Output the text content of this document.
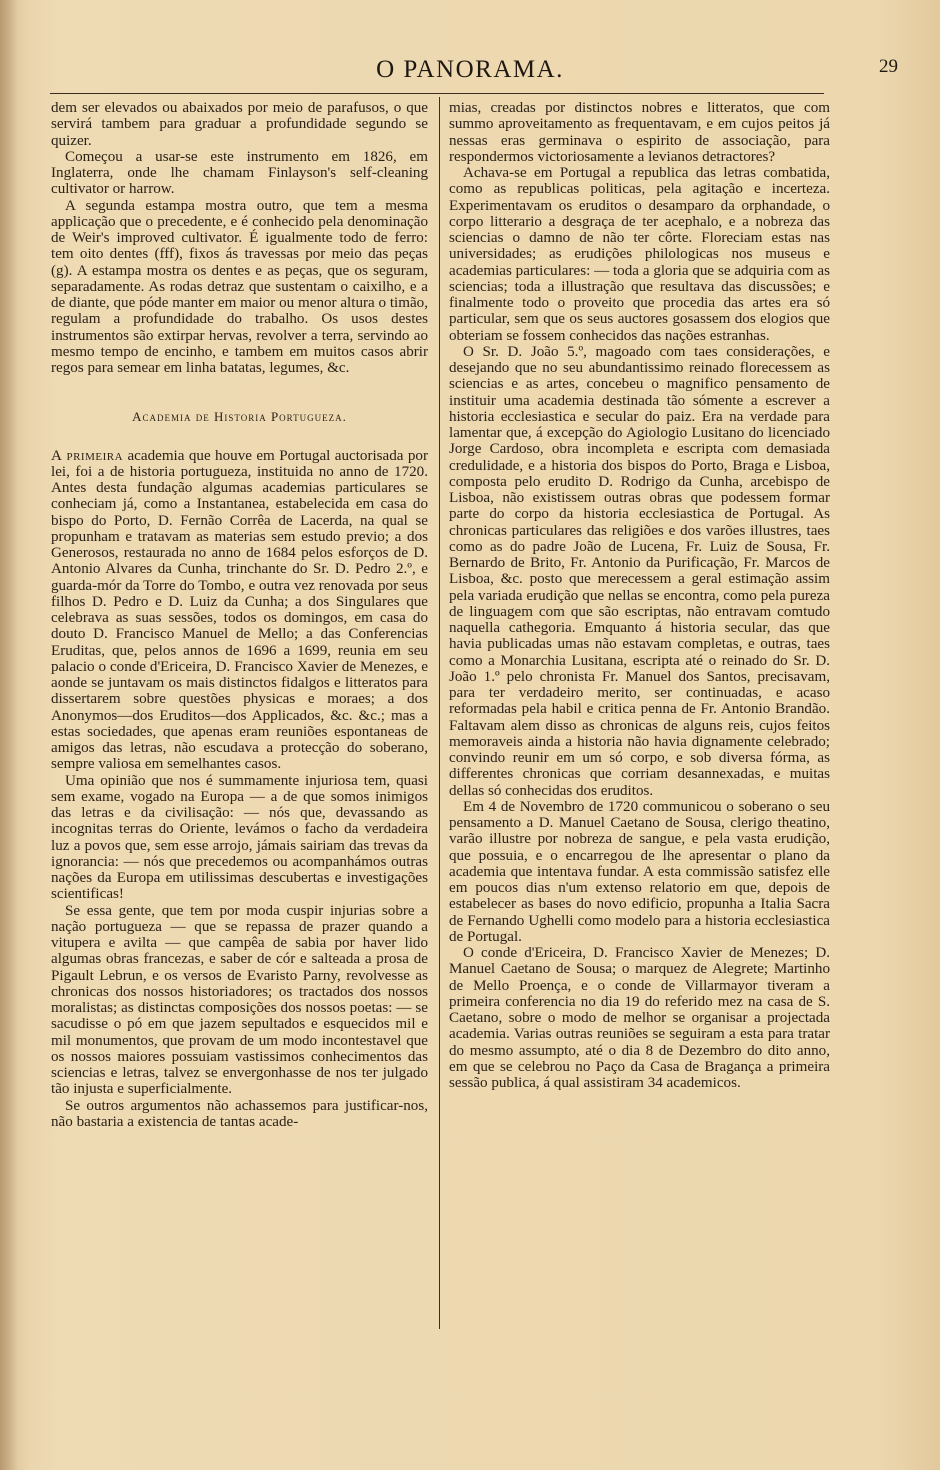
O PANORAMA.	29

dem ser elevados ou abaixados por meio de parafusos, o que servirá tambem para graduar a profundidade segundo se quizer.

Começou a usar-se este instrumento em 1826, em Inglaterra, onde lhe chamam Finlayson's self-cleaning cultivator or harrow.

A segunda estampa mostra outro, que tem a mesma applicação que o precedente, e é conhecido pela denominação de Weir's improved cultivator. É igualmente todo de ferro: tem oito dentes (fff), fixos ás travessas por meio das peças (g). A estampa mostra os dentes e as peças, que os seguram, separadamente. As rodas detraz que sustentam o caixilho, e a de diante, que póde manter em maior ou menor altura o timão, regulam a profundidade do trabalho. Os usos destes instrumentos são extirpar hervas, revolver a terra, servindo ao mesmo tempo de encinho, e tambem em muitos casos abrir regos para semear em linha batatas, legumes, &c.

Academia de Historia Portugueza.

A primeira academia que houve em Portugal auctorisada por lei, foi a de historia portugueza, instituida no anno de 1720. Antes desta fundação algumas academias particulares se conheciam já, como a Instantanea, estabelecida em casa do bispo do Porto, D. Fernão Corrêa de Lacerda, na qual se propunham e tratavam as materias sem estudo previo; a dos Generosos, restaurada no anno de 1684 pelos esforços de D. Antonio Alvares da Cunha, trinchante do Sr. D. Pedro 2.º, e guarda-mór da Torre do Tombo, e outra vez renovada por seus filhos D. Pedro e D. Luiz da Cunha; a dos Singulares que celebrava as suas sessões, todos os domingos, em casa do douto D. Francisco Manuel de Mello; a das Conferencias Eruditas, que, pelos annos de 1696 a 1699, reunia em seu palacio o conde d'Ericeira, D. Francisco Xavier de Menezes, e aonde se juntavam os mais distinctos fidalgos e litteratos para dissertarem sobre questões physicas e moraes; a dos Anonymos—dos Eruditos—dos Applicados, &c. &c.; mas a estas sociedades, que apenas eram reuniões espontaneas de amigos das letras, não escudava a protecção do soberano, sempre valiosa em semelhantes casos.

Uma opinião que nos é summamente injuriosa tem, quasi sem exame, vogado na Europa — a de que somos inimigos das letras e da civilisação: — nós que, devassando as incognitas terras do Oriente, levámos o facho da verdadeira luz a povos que, sem esse arrojo, jámais sairiam das trevas da ignorancia: — nós que precedemos ou acompanhámos outras nações da Europa em utilissimas descubertas e investigações scientificas!

Se essa gente, que tem por moda cuspir injurias sobre a nação portugueza — que se repassa de prazer quando a vitupera e avilta — que campêa de sabia por haver lido algumas obras francezas, e saber de cór e salteada a prosa de Pigault Lebrun, e os versos de Evaristo Parny, revolvesse as chronicas dos nossos historiadores; os tractados dos nossos moralistas; as distinctas composições dos nossos poetas: — se sacudisse o pó em que jazem sepultados e esquecidos mil e mil monumentos, que provam de um modo incontestavel que os nossos maiores possuiam vastissimos conhecimentos das sciencias e letras, talvez se envergonhasse de nos ter julgado tão injusta e superficialmente.

Se outros argumentos não achassemos para justificar-nos, não bastaria a existencia de tantas acade-

mias, creadas por distinctos nobres e litteratos, que com summo aproveitamento as frequentavam, e em cujos peitos já nessas eras germinava o espirito de associação, para respondermos victoriosamente a levianos detractores?

Achava-se em Portugal a republica das letras combatida, como as republicas politicas, pela agitação e incerteza. Experimentavam os eruditos o desamparo da orphandade, o corpo litterario a desgraça de ter acephalo, e a nobreza das sciencias o damno de não ter côrte. Floreciam estas nas universidades; as erudições philologicas nos museus e academias particulares: — toda a gloria que se adquiria com as sciencias; toda a illustração que resultava das discussões; e finalmente todo o proveito que procedia das artes era só particular, sem que os seus auctores gosassem dos elogios que obteriam se fossem conhecidos das nações estranhas.

O Sr. D. João 5.º, magoado com taes considerações, e desejando que no seu abundantissimo reinado florecessem as sciencias e as artes, concebeu o magnifico pensamento de instituir uma academia destinada tão sómente a escrever a historia ecclesiastica e secular do paiz. Era na verdade para lamentar que, á excepção do Agiologio Lusitano do licenciado Jorge Cardoso, obra incompleta e escripta com demasiada credulidade, e a historia dos bispos do Porto, Braga e Lisboa, composta pelo erudito D. Rodrigo da Cunha, arcebispo de Lisboa, não existissem outras obras que podessem formar parte do corpo da historia ecclesiastica de Portugal. As chronicas particulares das religiões e dos varões illustres, taes como as do padre João de Lucena, Fr. Luiz de Sousa, Fr. Bernardo de Brito, Fr. Antonio da Purificação, Fr. Marcos de Lisboa, &c. posto que merecessem a geral estimação assim pela variada erudição que nellas se encontra, como pela pureza de linguagem com que são escriptas, não entravam comtudo naquella cathegoria. Emquanto á historia secular, das que havia publicadas umas não estavam completas, e outras, taes como a Monarchia Lusitana, escripta até o reinado do Sr. D. João 1.º pelo chronista Fr. Manuel dos Santos, precisavam, para ter verdadeiro merito, ser continuadas, e acaso reformadas pela habil e critica penna de Fr. Antonio Brandão. Faltavam alem disso as chronicas de alguns reis, cujos feitos memoraveis ainda a historia não havia dignamente celebrado; convindo reunir em um só corpo, e sob diversa fórma, as differentes chronicas que corriam desannexadas, e muitas dellas só conhecidas dos eruditos.

Em 4 de Novembro de 1720 communicou o soberano o seu pensamento a D. Manuel Caetano de Sousa, clerigo theatino, varão illustre por nobreza de sangue, e pela vasta erudição, que possuia, e o encarregou de lhe apresentar o plano da academia que intentava fundar. A esta commissão satisfez elle em poucos dias n'um extenso relatorio em que, depois de estabelecer as bases do novo edificio, propunha a Italia Sacra de Fernando Ughelli como modelo para a historia ecclesiastica de Portugal.

O conde d'Ericeira, D. Francisco Xavier de Menezes; D. Manuel Caetano de Sousa; o marquez de Alegrete; Martinho de Mello Proença, e o conde de Villarmayor tiveram a primeira conferencia no dia 19 do referido mez na casa de S. Caetano, sobre o modo de melhor se organisar a projectada academia. Varias outras reuniões se seguiram a esta para tratar do mesmo assumpto, até o dia 8 de Dezembro do dito anno, em que se celebrou no Paço da Casa de Bragança a primeira sessão publica, á qual assistiram 34 academicos.
